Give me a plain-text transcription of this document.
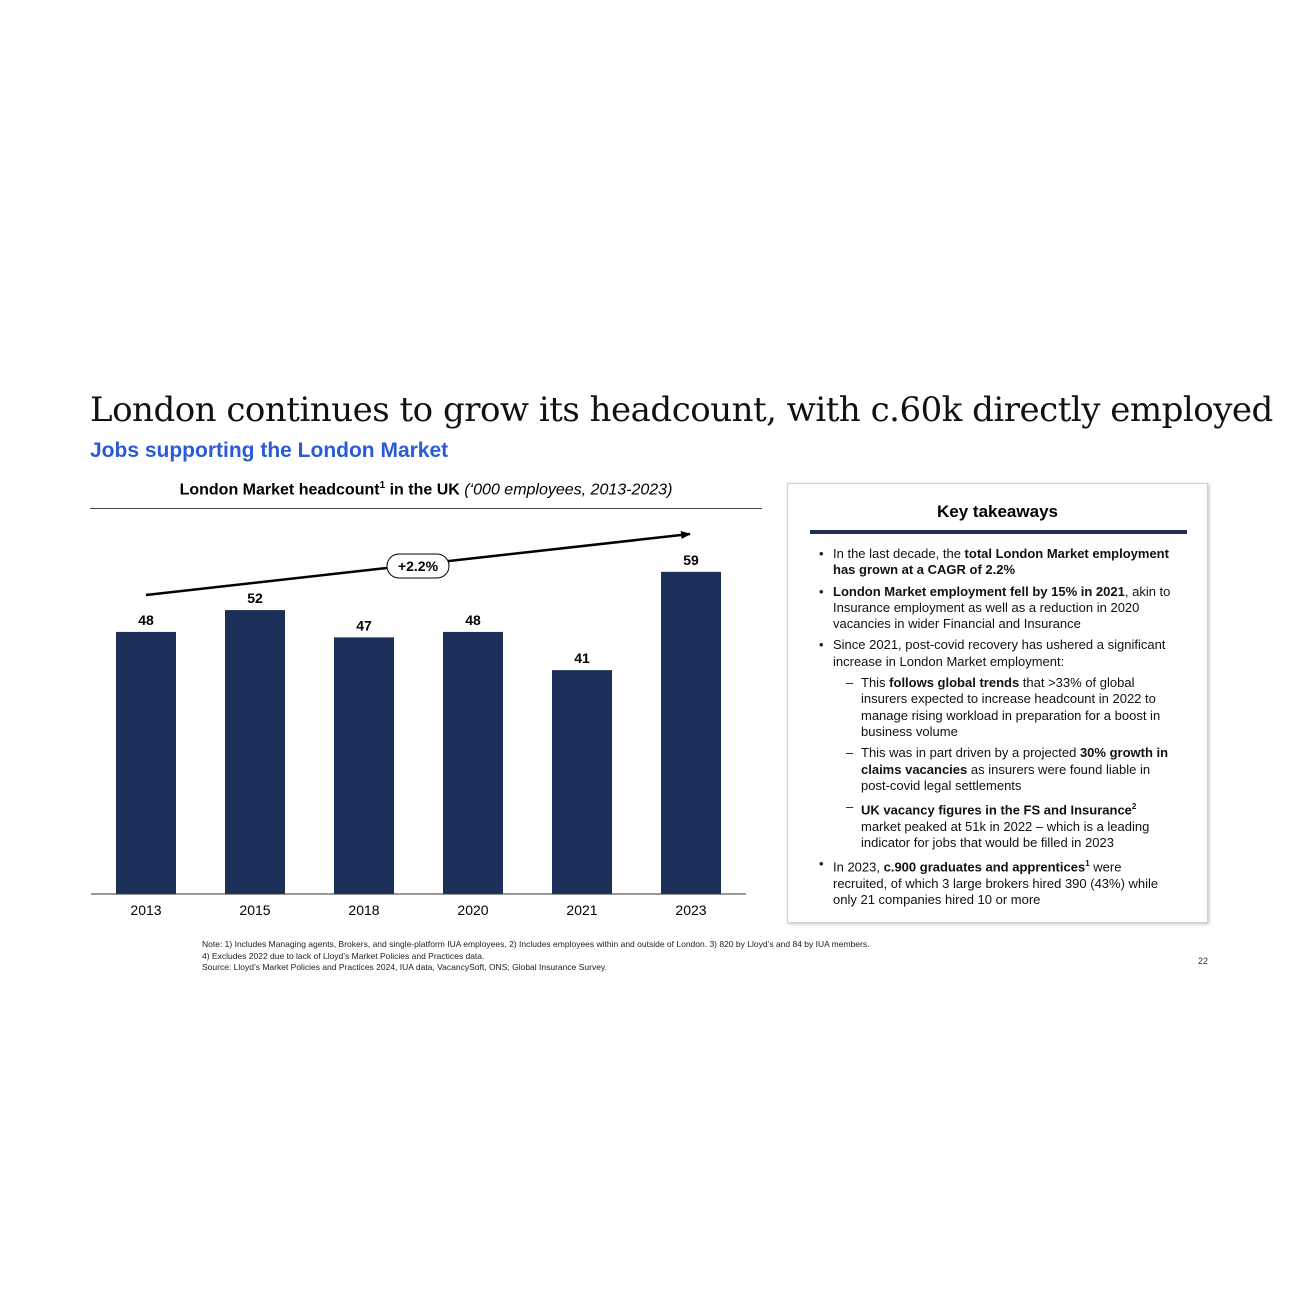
London continues to grow its headcount, with c.60k directly employed
Jobs supporting the London Market
London Market headcount$^1$ in the UK (‘000 employees, 2013-2023)
48
2013
52
2015
47
2018
48
2020
41
2021
59
2023
+2.2%
Key takeaways
• In the last decade, the total London Market employment has grown at a CAGR of 2.2%
• London Market employment fell by 15% in 2021, akin to Insurance employment as well as a reduction in 2020 vacancies in wider Financial and Insurance
• Since 2021, post-covid recovery has ushered a significant increase in London Market employment:
– This follows global trends that >33% of global insurers expected to increase headcount in 2022 to manage rising workload in preparation for a boost in business volume
– This was in part driven by a projected 30% growth in claims vacancies as insurers were found liable in post-covid legal settlements
– UK vacancy figures in the FS and Insurance$^2$ market peaked at 51k in 2022 – which is a leading indicator for jobs that would be filled in 2023
• In 2023, c.900 graduates and apprentices$^1$ were recruited, of which 3 large brokers hired 390 (43%) while only 21 companies hired 10 or more
Note: 1) Includes Managing agents, Brokers, and single-platform IUA employees, 2) Includes employees within and outside of London. 3) 820 by Lloyd’s and 84 by IUA members.
4) Excludes 2022 due to lack of Lloyd’s Market Policies and Practices data.
Source: Lloyd’s Market Policies and Practices 2024, IUA data, VacancySoft, ONS; Global Insurance Survey.
22
